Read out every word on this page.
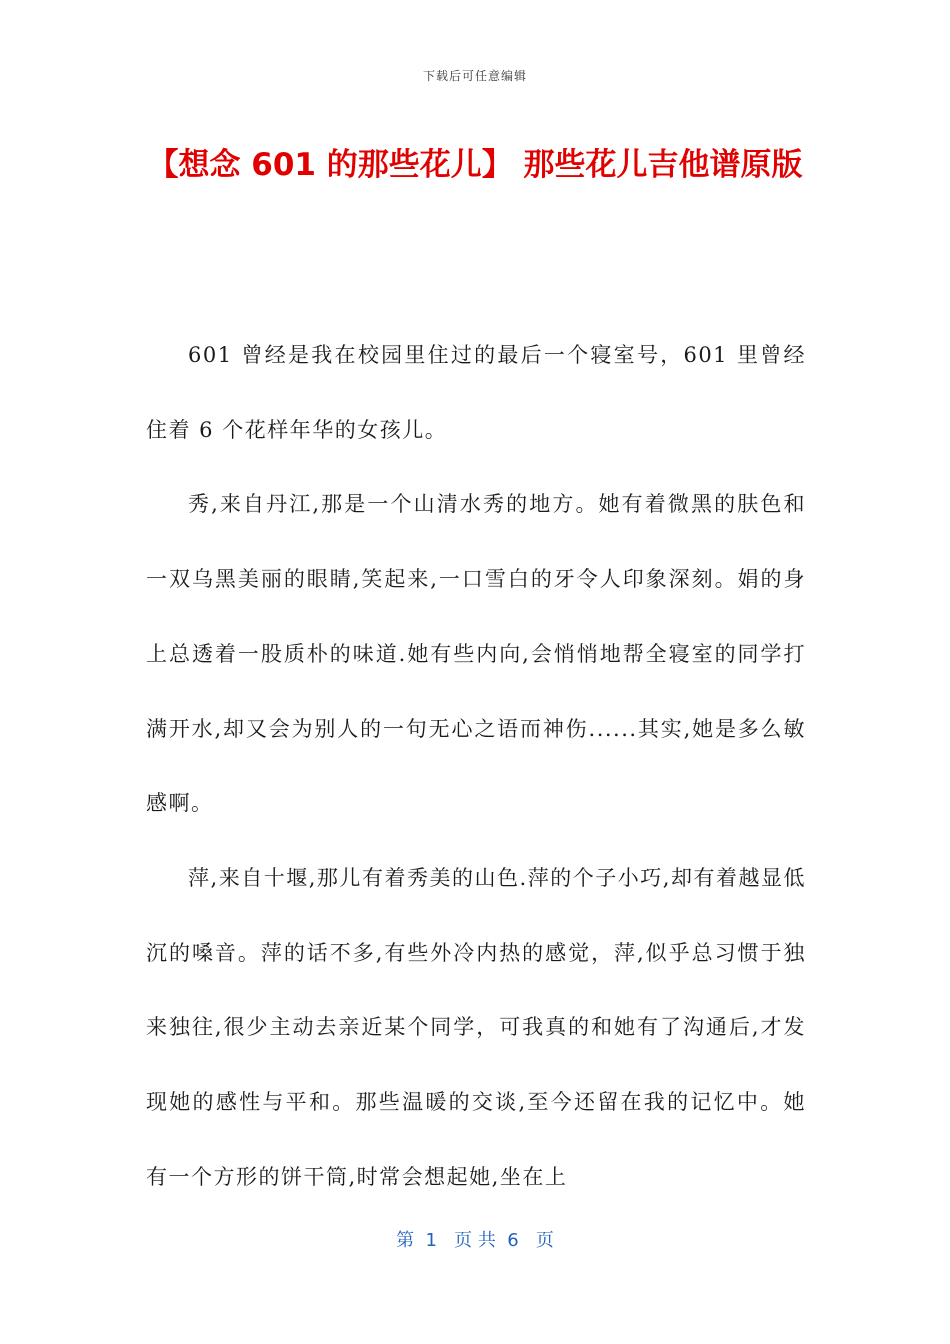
下载后可任意编辑
【想念 601 的那些花儿】 那些花儿吉他谱原版

601 曾经是我在校园里住过的最后一个寝室号，601 里曾经住着 6 个花样年华的女孩儿。

秀,来自丹江,那是一个山清水秀的地方。她有着微黑的肤色和一双乌黑美丽的眼睛,笑起来,一口雪白的牙令人印象深刻。娟的身上总透着一股质朴的味道.她有些内向,会悄悄地帮全寝室的同学打满开水,却又会为别人的一句无心之语而神伤......其实,她是多么敏感啊。

萍,来自十堰,那儿有着秀美的山色.萍的个子小巧,却有着越显低沉的嗓音。萍的话不多,有些外冷内热的感觉，萍,似乎总习惯于独来独往,很少主动去亲近某个同学，可我真的和她有了沟通后,才发现她的感性与平和。那些温暖的交谈,至今还留在我的记忆中。她有一个方形的饼干筒,时常会想起她,坐在上

第  1   页 共  6   页
